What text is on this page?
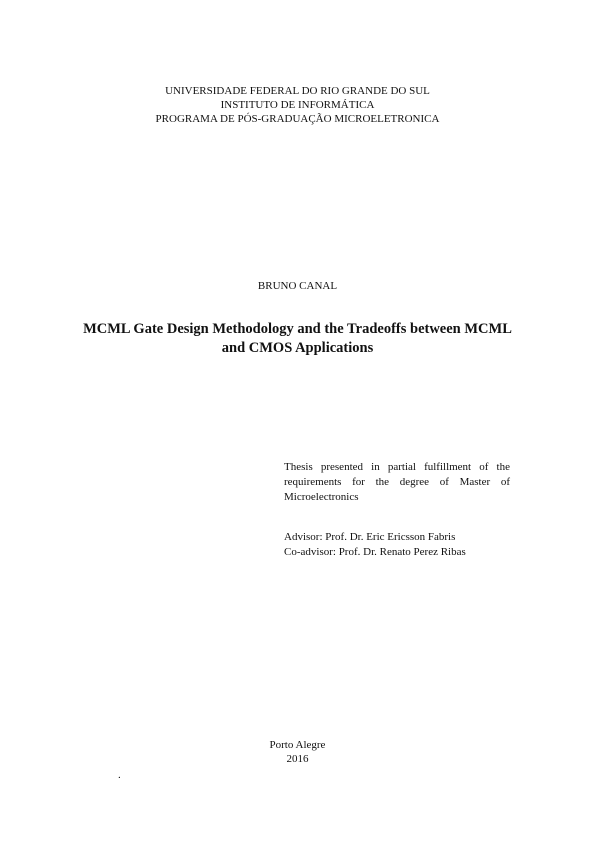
UNIVERSIDADE FEDERAL DO RIO GRANDE DO SUL
INSTITUTO DE INFORMÁTICA
PROGRAMA DE PÓS-GRADUAÇÃO MICROELETRONICA
BRUNO CANAL
MCML Gate Design Methodology and the Tradeoffs between MCML
and CMOS Applications
Thesis presented in partial fulfillment of the requirements for the degree of Master of Microelectronics
Advisor: Prof. Dr. Eric Ericsson Fabris
Co-advisor: Prof. Dr. Renato Perez Ribas
Porto Alegre
2016
.
